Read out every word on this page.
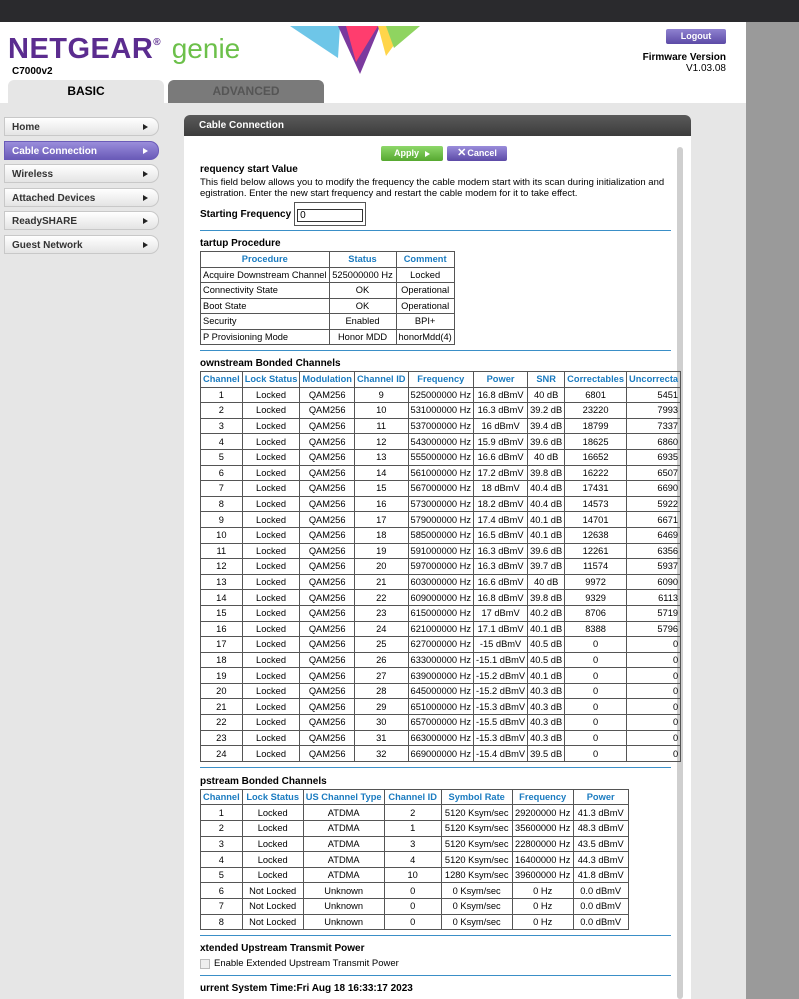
NETGEAR® genie
C7000v2
Logout
Firmware Version
V1.03.08
BASIC	ADVANCED
Home
Cable Connection
Wireless
Attached Devices
ReadySHARE
Guest Network
Cable Connection
Apply	✕Cancel
requency start Value
This field below allows you to modify the frequency the cable modem start with its scan during initialization and
egistration. Enter the new start frequency and restart the cable modem for it to take effect.
Starting Frequency0
tartup Procedure
Procedure	Status	Comment
Acquire Downstream Channel	525000000 Hz	Locked
Connectivity State	OK	Operational
Boot State	OK	Operational
Security	Enabled	BPI+
P Provisioning Mode	Honor MDD	honorMdd(4)
ownstream Bonded Channels
Channel	Lock Status	Modulation	Channel ID	Frequency	Power	SNR	Correctables	Uncorrecta
1	Locked	QAM256	9	525000000 Hz	16.8 dBmV	40 dB	6801	5451
2	Locked	QAM256	10	531000000 Hz	16.3 dBmV	39.2 dB	23220	7993
3	Locked	QAM256	11	537000000 Hz	16 dBmV	39.4 dB	18799	7337
4	Locked	QAM256	12	543000000 Hz	15.9 dBmV	39.6 dB	18625	6860
5	Locked	QAM256	13	555000000 Hz	16.6 dBmV	40 dB	16652	6935
6	Locked	QAM256	14	561000000 Hz	17.2 dBmV	39.8 dB	16222	6507
7	Locked	QAM256	15	567000000 Hz	18 dBmV	40.4 dB	17431	6690
8	Locked	QAM256	16	573000000 Hz	18.2 dBmV	40.4 dB	14573	5922
9	Locked	QAM256	17	579000000 Hz	17.4 dBmV	40.1 dB	14701	6671
10	Locked	QAM256	18	585000000 Hz	16.5 dBmV	40.1 dB	12638	6469
11	Locked	QAM256	19	591000000 Hz	16.3 dBmV	39.6 dB	12261	6356
12	Locked	QAM256	20	597000000 Hz	16.3 dBmV	39.7 dB	11574	5937
13	Locked	QAM256	21	603000000 Hz	16.6 dBmV	40 dB	9972	6090
14	Locked	QAM256	22	609000000 Hz	16.8 dBmV	39.8 dB	9329	6113
15	Locked	QAM256	23	615000000 Hz	17 dBmV	40.2 dB	8706	5719
16	Locked	QAM256	24	621000000 Hz	17.1 dBmV	40.1 dB	8388	5796
17	Locked	QAM256	25	627000000 Hz	-15 dBmV	40.5 dB	0	0
18	Locked	QAM256	26	633000000 Hz	-15.1 dBmV	40.5 dB	0	0
19	Locked	QAM256	27	639000000 Hz	-15.2 dBmV	40.1 dB	0	0
20	Locked	QAM256	28	645000000 Hz	-15.2 dBmV	40.3 dB	0	0
21	Locked	QAM256	29	651000000 Hz	-15.3 dBmV	40.3 dB	0	0
22	Locked	QAM256	30	657000000 Hz	-15.5 dBmV	40.3 dB	0	0
23	Locked	QAM256	31	663000000 Hz	-15.3 dBmV	40.3 dB	0	0
24	Locked	QAM256	32	669000000 Hz	-15.4 dBmV	39.5 dB	0	0
pstream Bonded Channels
Channel	Lock Status	US Channel Type	Channel ID	Symbol Rate	Frequency	Power
1	Locked	ATDMA	2	5120 Ksym/sec	29200000 Hz	41.3 dBmV
2	Locked	ATDMA	1	5120 Ksym/sec	35600000 Hz	48.3 dBmV
3	Locked	ATDMA	3	5120 Ksym/sec	22800000 Hz	43.5 dBmV
4	Locked	ATDMA	4	5120 Ksym/sec	16400000 Hz	44.3 dBmV
5	Locked	ATDMA	10	1280 Ksym/sec	39600000 Hz	41.8 dBmV
6	Not Locked	Unknown	0	0 Ksym/sec	0 Hz	0.0 dBmV
7	Not Locked	Unknown	0	0 Ksym/sec	0 Hz	0.0 dBmV
8	Not Locked	Unknown	0	0 Ksym/sec	0 Hz	0.0 dBmV
xtended Upstream Transmit Power
Enable Extended Upstream Transmit Power
urrent System Time:Fri Aug 18 16:33:17 2023
